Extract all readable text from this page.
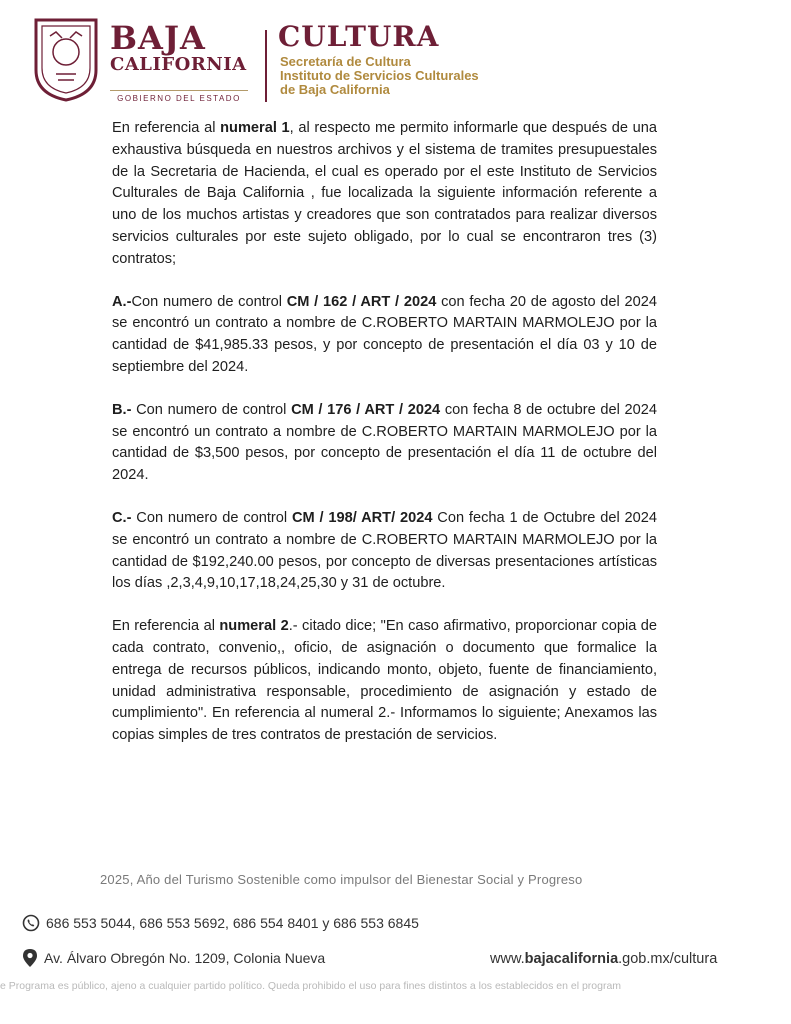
BAJA
CALIFORNIA
GOBIERNO DEL ESTADO
CULTURA
Secretaría de Cultura
Instituto de Servicios Culturales
de Baja California

En referencia al numeral 1, al respecto me permito informarle que después de una exhaustiva búsqueda en nuestros archivos y el sistema de tramites presupuestales de la Secretaria de Hacienda, el cual es operado por el este Instituto de Servicios Culturales de Baja California , fue localizada la siguiente información referente a uno de los muchos artistas y creadores que son contratados para realizar diversos servicios culturales por este sujeto obligado, por lo cual se encontraron tres (3) contratos;

A.-Con numero de control CM / 162 / ART / 2024 con fecha 20 de agosto del 2024 se encontró un contrato a nombre de C.ROBERTO MARTAIN MARMOLEJO por la cantidad de $41,985.33 pesos, y por concepto de presentación el día 03 y 10 de septiembre del 2024.

B.- Con numero de control CM / 176 / ART / 2024 con fecha 8 de octubre del 2024 se encontró un contrato a nombre de C.ROBERTO MARTAIN MARMOLEJO por la cantidad de $3,500 pesos, por concepto de presentación el día 11 de octubre del 2024.

C.- Con numero de control CM / 198/ ART/ 2024 Con fecha 1 de Octubre del 2024 se encontró un contrato a nombre de C.ROBERTO MARTAIN MARMOLEJO por la cantidad de $192,240.00 pesos, por concepto de diversas presentaciones artísticas los días ,2,3,4,9,10,17,18,24,25,30 y 31 de octubre.

En referencia al numeral 2.- citado dice; "En caso afirmativo, proporcionar copia de cada contrato, convenio,, oficio, de asignación o documento que formalice la entrega de recursos públicos, indicando monto, objeto, fuente de financiamiento, unidad administrativa responsable, procedimiento de asignación y estado de cumplimiento". En referencia al numeral 2.- Informamos lo siguiente; Anexamos las copias simples de tres contratos de prestación de servicios.

2025, Año del Turismo Sostenible como impulsor del Bienestar Social y Progreso
686 553 5044, 686 553 5692, 686 554 8401 y 686 553 6845
Av. Álvaro Obregón No. 1209, Colonia Nueva	www.bajacalifornia.gob.mx/cultura
e Programa es público, ajeno a cualquier partido político. Queda prohibido el uso para fines distintos a los establecidos en el program
